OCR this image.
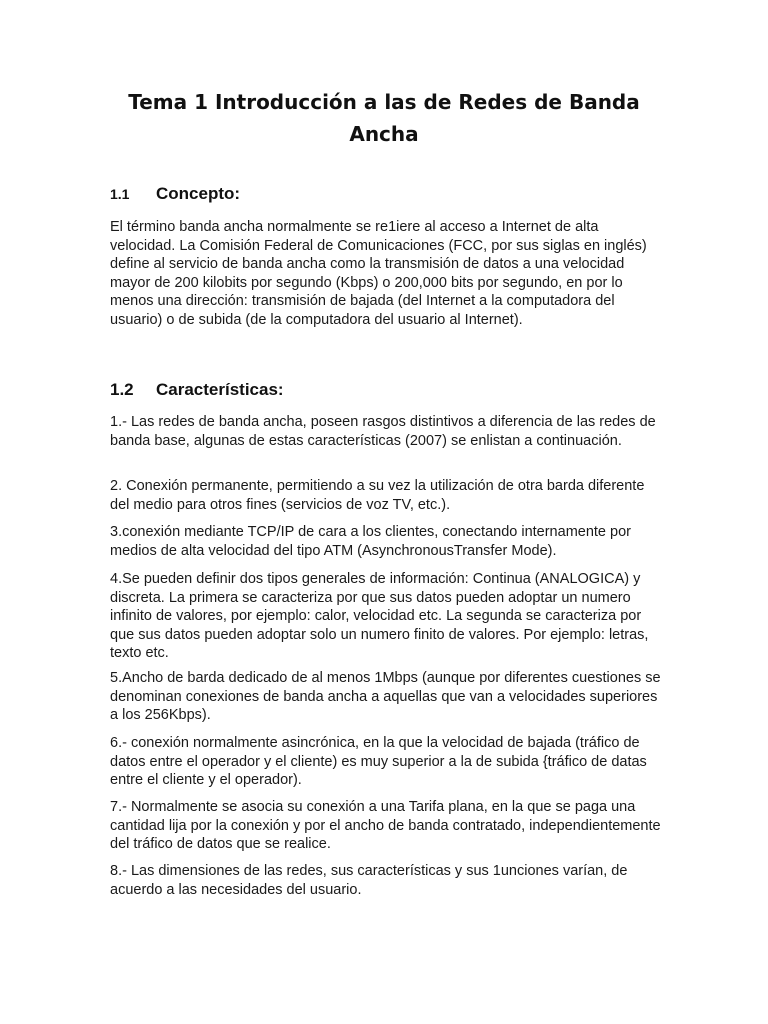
Tema 1 Introducción a las de Redes de Banda Ancha
1.1 Concepto:

El término banda ancha normalmente se re1iere al acceso a Internet de alta velocidad. La Comisión Federal de Comunicaciones (FCC, por sus siglas en inglés) define al servicio de banda ancha como la transmisión de datos a una velocidad mayor de 200 kilobits por segundo (Kbps) o 200,000 bits por segundo, en por lo menos una dirección: transmisión de bajada (del Internet a la computadora del usuario) o de subida (de la computadora del usuario al Internet).

1.2 Características:

1.- Las redes de banda ancha, poseen rasgos distintivos a diferencia de las redes de banda base, algunas de estas características (2007) se enlistan a continuación.

2. Conexión permanente, permitiendo a su vez la utilización de otra barda diferente del medio para otros fines (servicios de voz TV, etc.).

3.conexión mediante TCP/IP de cara a los clientes, conectando internamente por medios de alta velocidad del tipo ATM (AsynchronousTransfer Mode).

4.Se pueden definir dos tipos generales de información: Continua (ANALOGICA) y discreta. La primera se caracteriza por que sus datos pueden adoptar un numero infinito de valores, por ejemplo: calor, velocidad etc. La segunda se caracteriza por que sus datos pueden adoptar solo un numero finito de valores. Por ejemplo: letras, texto etc.

5.Ancho de barda dedicado de al menos 1Mbps (aunque por diferentes cuestiones se denominan conexiones de banda ancha a aquellas que van a velocidades superiores a los 256Kbps).

6.- conexión normalmente asincrónica, en la que la velocidad de bajada (tráfico de datos entre el operador y el cliente) es muy superior a la de subida {tráfico de datas entre el cliente y el operador).

7.- Normalmente se asocia su conexión a una Tarifa plana, en la que se paga una cantidad lija por la conexión y por el ancho de banda contratado, independientemente del tráfico de datos que se realice.

8.- Las dimensiones de las redes, sus características y sus 1unciones varían, de acuerdo a las necesidades del usuario.
